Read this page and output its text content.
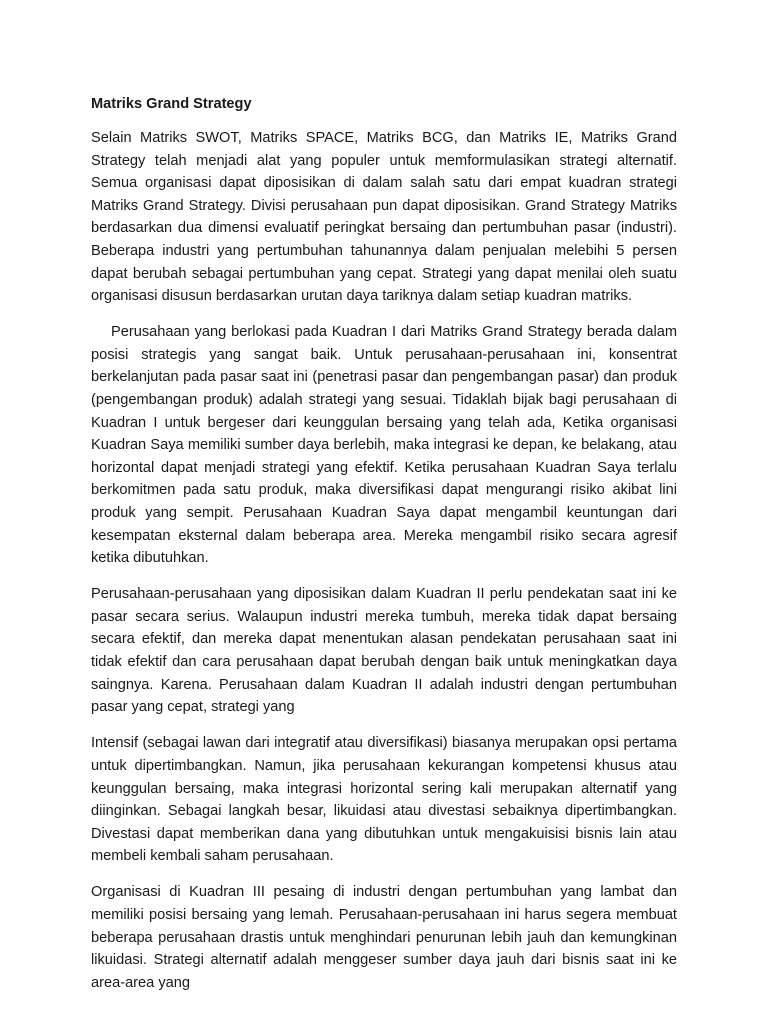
Matriks Grand Strategy

Selain Matriks SWOT, Matriks SPACE, Matriks BCG, dan Matriks IE, Matriks Grand Strategy telah menjadi alat yang populer untuk memformulasikan strategi alternatif. Semua organisasi dapat diposisikan di dalam salah satu dari empat kuadran strategi Matriks Grand Strategy. Divisi perusahaan pun dapat diposisikan. Grand Strategy Matriks berdasarkan dua dimensi evaluatif peringkat bersaing dan pertumbuhan pasar (industri). Beberapa industri yang pertumbuhan tahunannya dalam penjualan melebihi 5 persen dapat berubah sebagai pertumbuhan yang cepat. Strategi yang dapat menilai oleh suatu organisasi disusun berdasarkan urutan daya tariknya dalam setiap kuadran matriks.

Perusahaan yang berlokasi pada Kuadran I dari Matriks Grand Strategy berada dalam posisi strategis yang sangat baik. Untuk perusahaan-perusahaan ini, konsentrat berkelanjutan pada pasar saat ini (penetrasi pasar dan pengembangan pasar) dan produk (pengembangan produk) adalah strategi yang sesuai. Tidaklah bijak bagi perusahaan di Kuadran I untuk bergeser dari keunggulan bersaing yang telah ada, Ketika organisasi Kuadran Saya memiliki sumber daya berlebih, maka integrasi ke depan, ke belakang, atau horizontal dapat menjadi strategi yang efektif. Ketika perusahaan Kuadran Saya terlalu berkomitmen pada satu produk, maka diversifikasi dapat mengurangi risiko akibat lini produk yang sempit. Perusahaan Kuadran Saya dapat mengambil keuntungan dari kesempatan eksternal dalam beberapa area. Mereka mengambil risiko secara agresif ketika dibutuhkan.

Perusahaan-perusahaan yang diposisikan dalam Kuadran II perlu pendekatan saat ini ke pasar secara serius. Walaupun industri mereka tumbuh, mereka tidak dapat bersaing secara efektif, dan mereka dapat menentukan alasan pendekatan perusahaan saat ini tidak efektif dan cara perusahaan dapat berubah dengan baik untuk meningkatkan daya saingnya. Karena. Perusahaan dalam Kuadran II adalah industri dengan pertumbuhan pasar yang cepat, strategi yang

Intensif (sebagai lawan dari integratif atau diversifikasi) biasanya merupakan opsi pertama untuk dipertimbangkan. Namun, jika perusahaan kekurangan kompetensi khusus atau keunggulan bersaing, maka integrasi horizontal sering kali merupakan alternatif yang diinginkan. Sebagai langkah besar, likuidasi atau divestasi sebaiknya dipertimbangkan. Divestasi dapat memberikan dana yang dibutuhkan untuk mengakuisisi bisnis lain atau membeli kembali saham perusahaan.

Organisasi di Kuadran III pesaing di industri dengan pertumbuhan yang lambat dan memiliki posisi bersaing yang lemah. Perusahaan-perusahaan ini harus segera membuat beberapa perusahaan drastis untuk menghindari penurunan lebih jauh dan kemungkinan likuidasi. Strategi alternatif adalah menggeser sumber daya jauh dari bisnis saat ini ke area-area yang
